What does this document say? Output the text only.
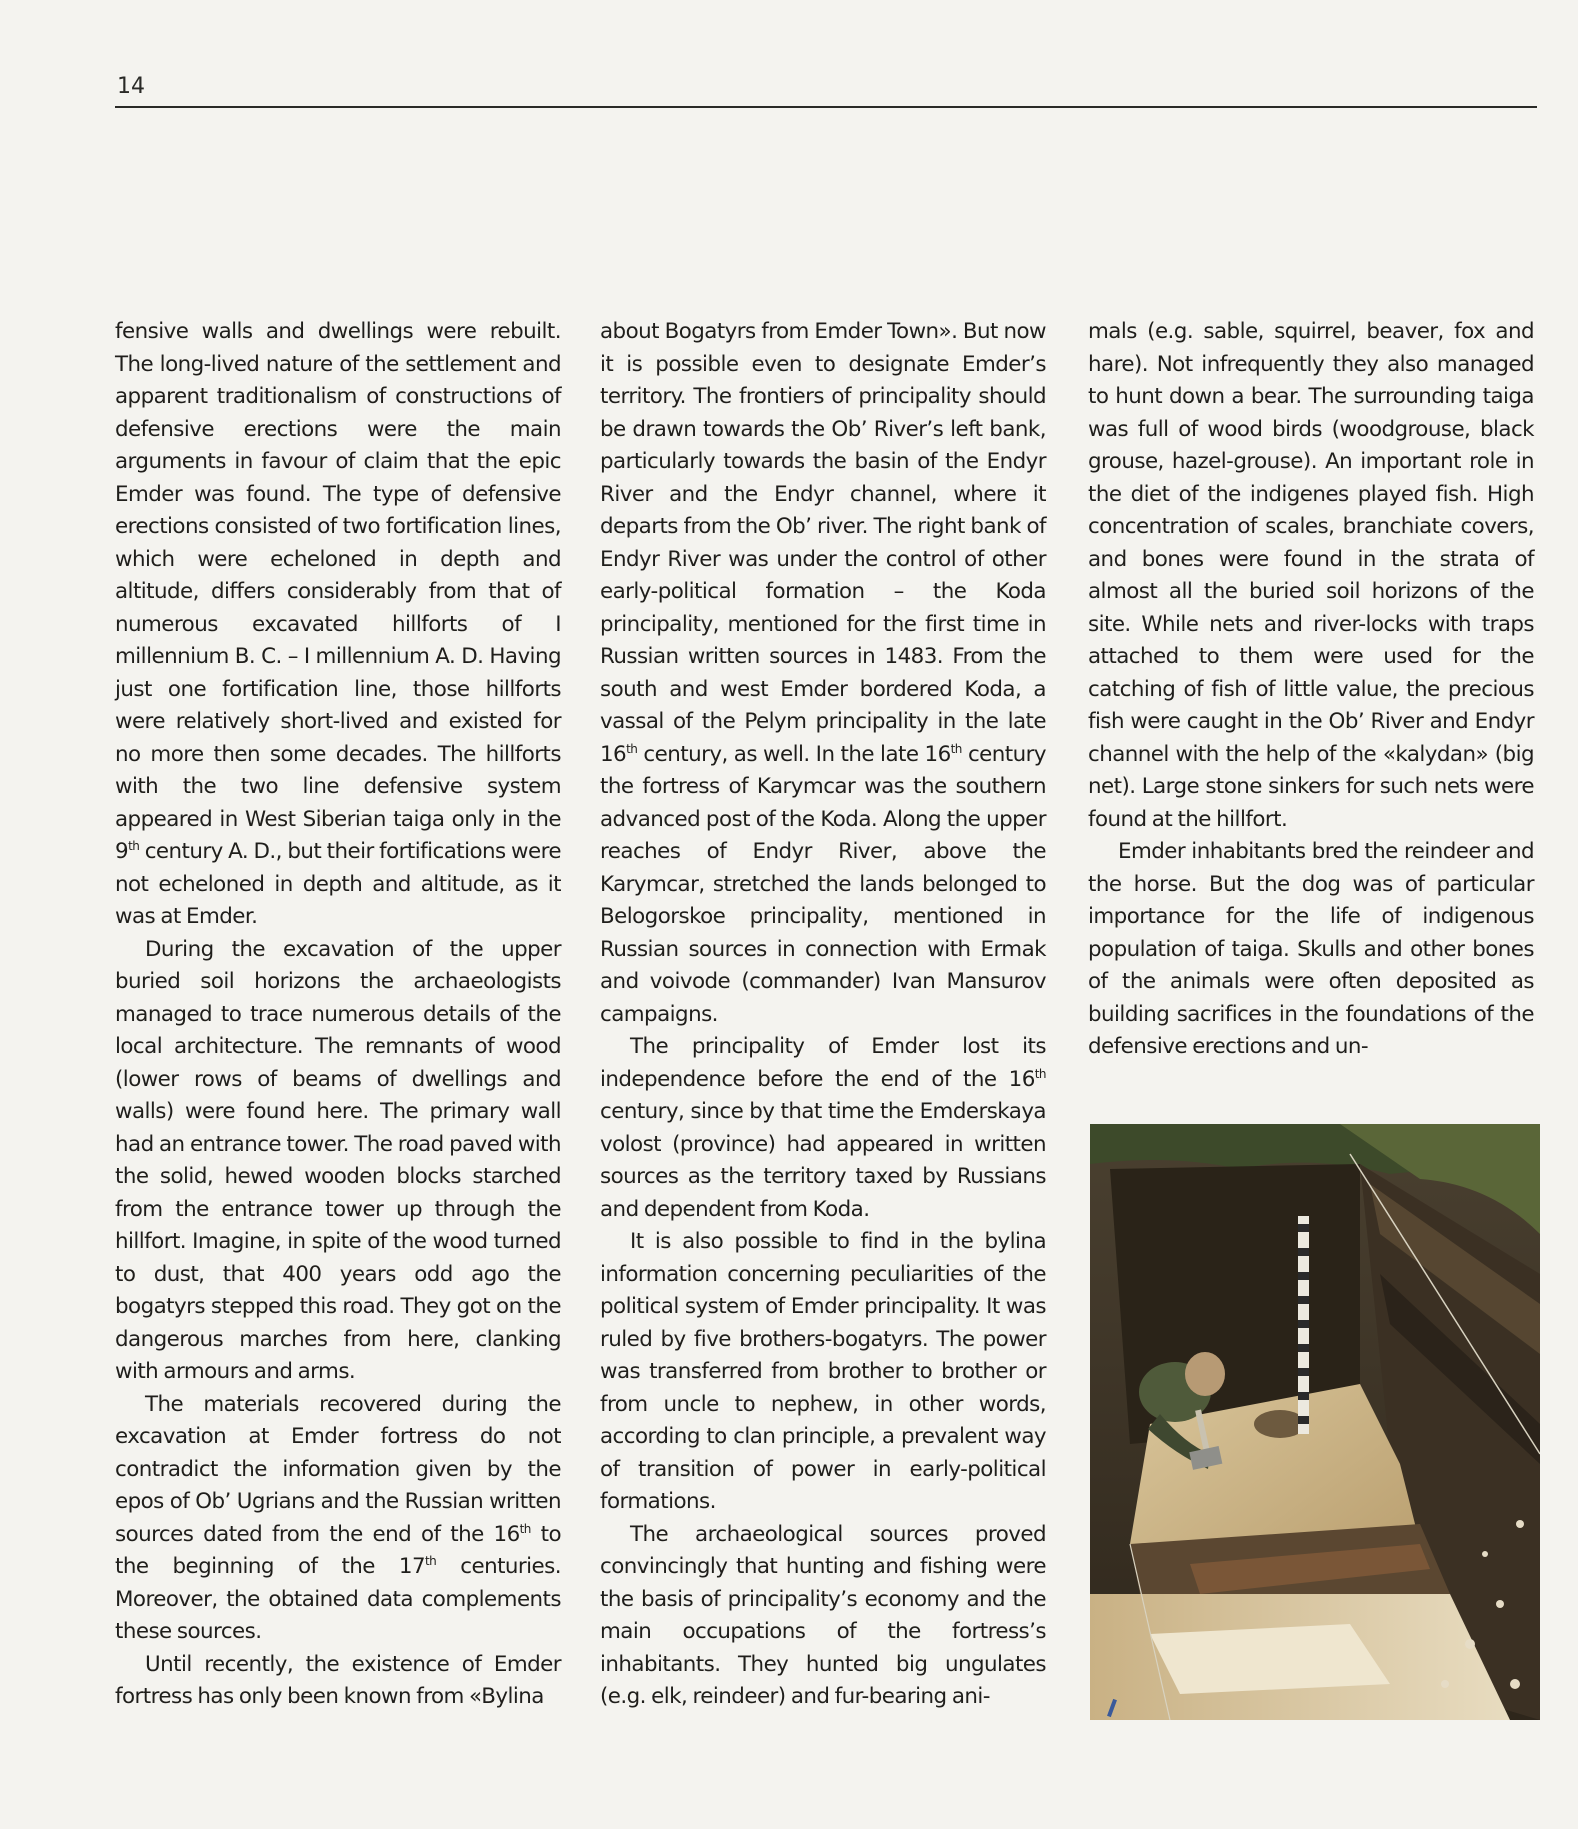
14

fensive walls and dwellings were rebuilt. The long-lived nature of the settlement and apparent traditionalism of constructions of defensive erections were the main arguments in favour of claim that the epic Emder was found. The type of defensive erections consisted of two fortification lines, which were echeloned in depth and altitude, differs considerably from that of numerous excavated hillforts of I millennium B. C. – I millennium A. D. Having just one fortification line, those hillforts were relatively short-lived and existed for no more then some decades. The hillforts with the two line defensive system appeared in West Siberian taiga only in the 9th century A. D., but their fortifications were not echeloned in depth and altitude, as it was at Emder.

During the excavation of the upper buried soil horizons the archaeologists managed to trace numerous details of the local architecture. The remnants of wood (lower rows of beams of dwellings and walls) were found here. The primary wall had an entrance tower. The road paved with the solid, hewed wooden blocks starched from the entrance tower up through the hillfort. Imagine, in spite of the wood turned to dust, that 400 years odd ago the bogatyrs stepped this road. They got on the dangerous marches from here, clanking with armours and arms.

The materials recovered during the excavation at Emder fortress do not contradict the information given by the epos of Ob’ Ugrians and the Russian written sources dated from the end of the 16th to the beginning of the 17th centuries. Moreover, the obtained data complements these sources.

Until recently, the existence of Emder fortress has only been known from «Bylina

about Bogatyrs from Emder Town». But now it is possible even to designate Emder’s territory. The frontiers of principality should be drawn towards the Ob’ River’s left bank, particularly towards the basin of the Endyr River and the Endyr channel, where it departs from the Ob’ river. The right bank of Endyr River was under the control of other early-political formation – the Koda principality, mentioned for the first time in Russian written sources in 1483. From the south and west Emder bordered Koda, a vassal of the Pelym principality in the late 16th century, as well. In the late 16th century the fortress of Karymcar was the southern advanced post of the Koda. Along the upper reaches of Endyr River, above the Karymcar, stretched the lands belonged to Belogorskoe principality, mentioned in Russian sources in connection with Ermak and voivode (commander) Ivan Mansurov campaigns.

The principality of Emder lost its independence before the end of the 16th century, since by that time the Emderskaya volost (province) had appeared in written sources as the territory taxed by Russians and dependent from Koda.

It is also possible to find in the bylina information concerning peculiarities of the political system of Emder principality. It was ruled by five brothers-bogatyrs. The power was transferred from brother to brother or from uncle to nephew, in other words, according to clan principle, a prevalent way of transition of power in early-political formations.

The archaeological sources proved convincingly that hunting and fishing were the basis of principality’s economy and the main occupations of the fortress’s inhabitants. They hunted big ungulates (e.g. elk, reindeer) and fur-bearing ani-

mals (e.g. sable, squirrel, beaver, fox and hare). Not infrequently they also managed to hunt down a bear. The surrounding taiga was full of wood birds (woodgrouse, black grouse, hazel-grouse). An important role in the diet of the indigenes played fish. High concentration of scales, branchiate covers, and bones were found in the strata of almost all the buried soil horizons of the site. While nets and river-locks with traps attached to them were used for the catching of fish of little value, the precious fish were caught in the Ob’ River and Endyr channel with the help of the «kalydan» (big net). Large stone sinkers for such nets were found at the hillfort.

Emder inhabitants bred the reindeer and the horse. But the dog was of particular importance for the life of indigenous population of taiga. Skulls and other bones of the animals were often deposited as building sacrifices in the foundations of the defensive erections and un-
